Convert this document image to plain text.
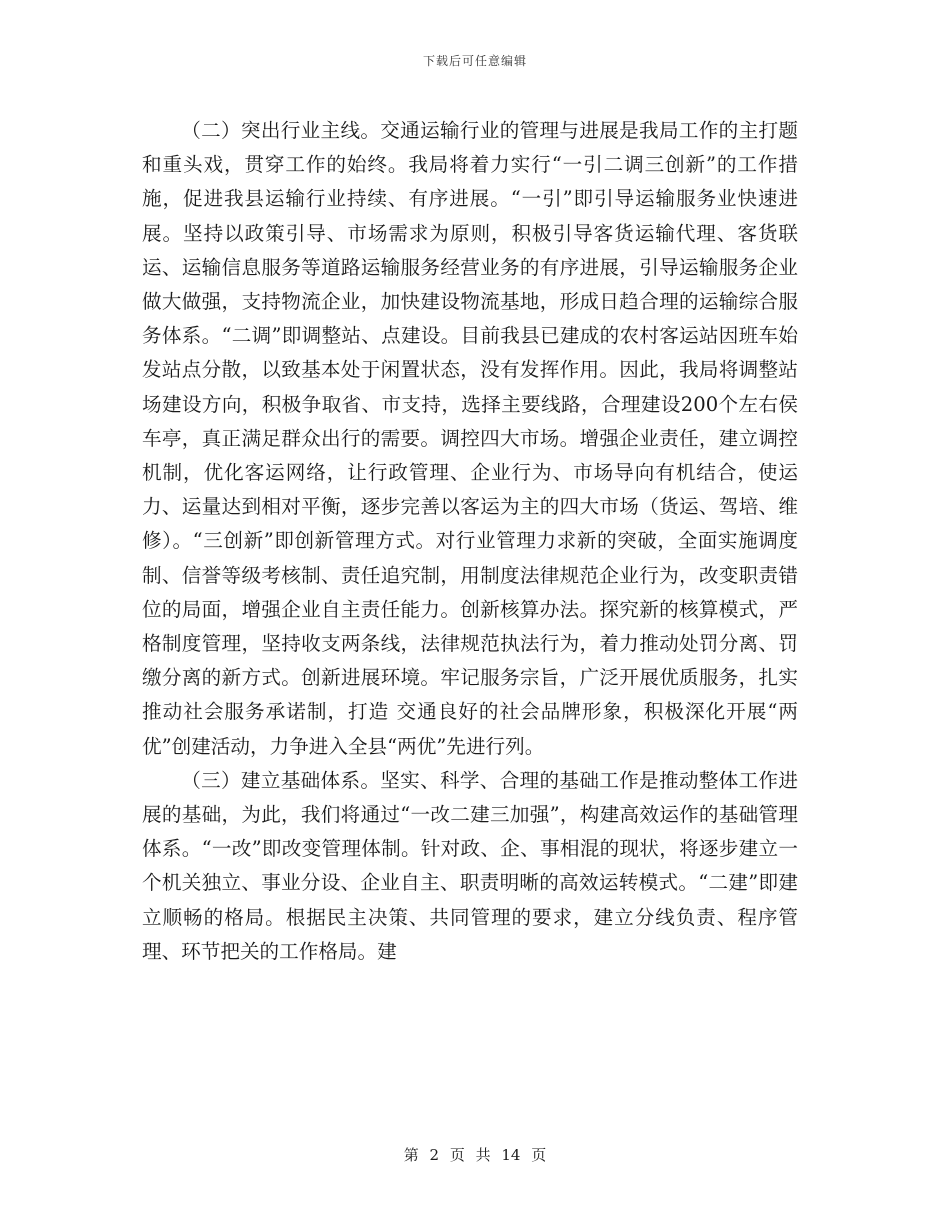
下载后可任意编辑

（二）突出行业主线。交通运输行业的管理与进展是我局工作的主打题和重头戏，贯穿工作的始终。我局将着力实行“一引二调三创新”的工作措施，促进我县运输行业持续、有序进展。“一引”即引导运输服务业快速进展。坚持以政策引导、市场需求为原则，积极引导客货运输代理、客货联运、运输信息服务等道路运输服务经营业务的有序进展，引导运输服务企业做大做强，支持物流企业，加快建设物流基地，形成日趋合理的运输综合服务体系。“二调”即调整站、点建设。目前我县已建成的农村客运站因班车始发站点分散，以致基本处于闲置状态，没有发挥作用。因此，我局将调整站场建设方向，积极争取省、市支持，选择主要线路，合理建设200个左右侯车亭，真正满足群众出行的需要。调控四大市场。增强企业责任，建立调控机制，优化客运网络，让行政管理、企业行为、市场导向有机结合，使运力、运量达到相对平衡，逐步完善以客运为主的四大市场（货运、驾培、维修）。“三创新”即创新管理方式。对行业管理力求新的突破，全面实施调度制、信誉等级考核制、责任追究制，用制度法律规范企业行为，改变职责错位的局面，增强企业自主责任能力。创新核算办法。探究新的核算模式，严格制度管理，坚持收支两条线，法律规范执法行为，着力推动处罚分离、罚缴分离的新方式。创新进展环境。牢记服务宗旨，广泛开展优质服务，扎实推动社会服务承诺制，打造 交通良好的社会品牌形象，积极深化开展“两优”创建活动，力争进入全县“两优”先进行列。

（三）建立基础体系。坚实、科学、合理的基础工作是推动整体工作进展的基础，为此，我们将通过“一改二建三加强”，构建高效运作的基础管理体系。“一改”即改变管理体制。针对政、企、事相混的现状，将逐步建立一个机关独立、事业分设、企业自主、职责明晰的高效运转模式。“二建”即建立顺畅的格局。根据民主决策、共同管理的要求，建立分线负责、程序管理、环节把关的工作格局。建

第 2 页 共 14 页
